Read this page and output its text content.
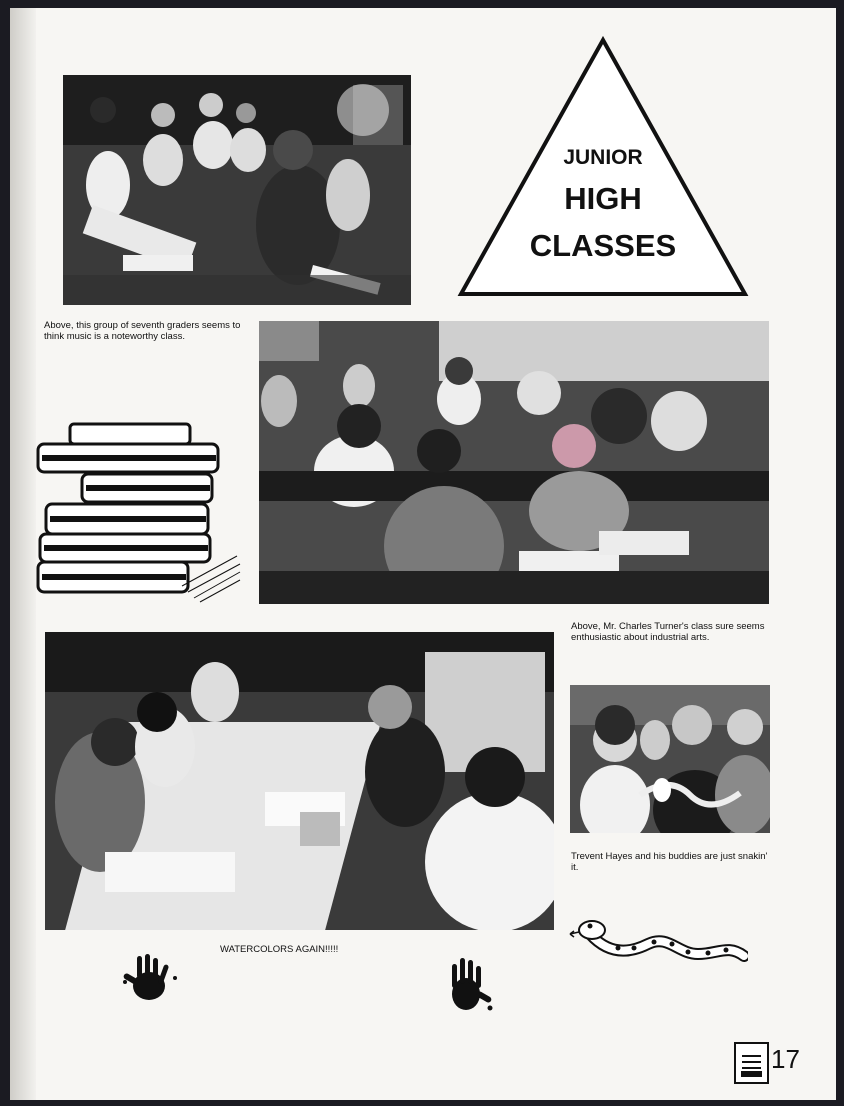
Above, this group of seventh graders seems to think music is a noteworthy class.
JUNIOR
HIGH
CLASSES
Above, Mr. Charles Turner's class sure seems enthusiastic about industrial arts.
WATERCOLORS AGAIN!!!!!
Trevent Hayes and his buddies are just snakin' it.
17
